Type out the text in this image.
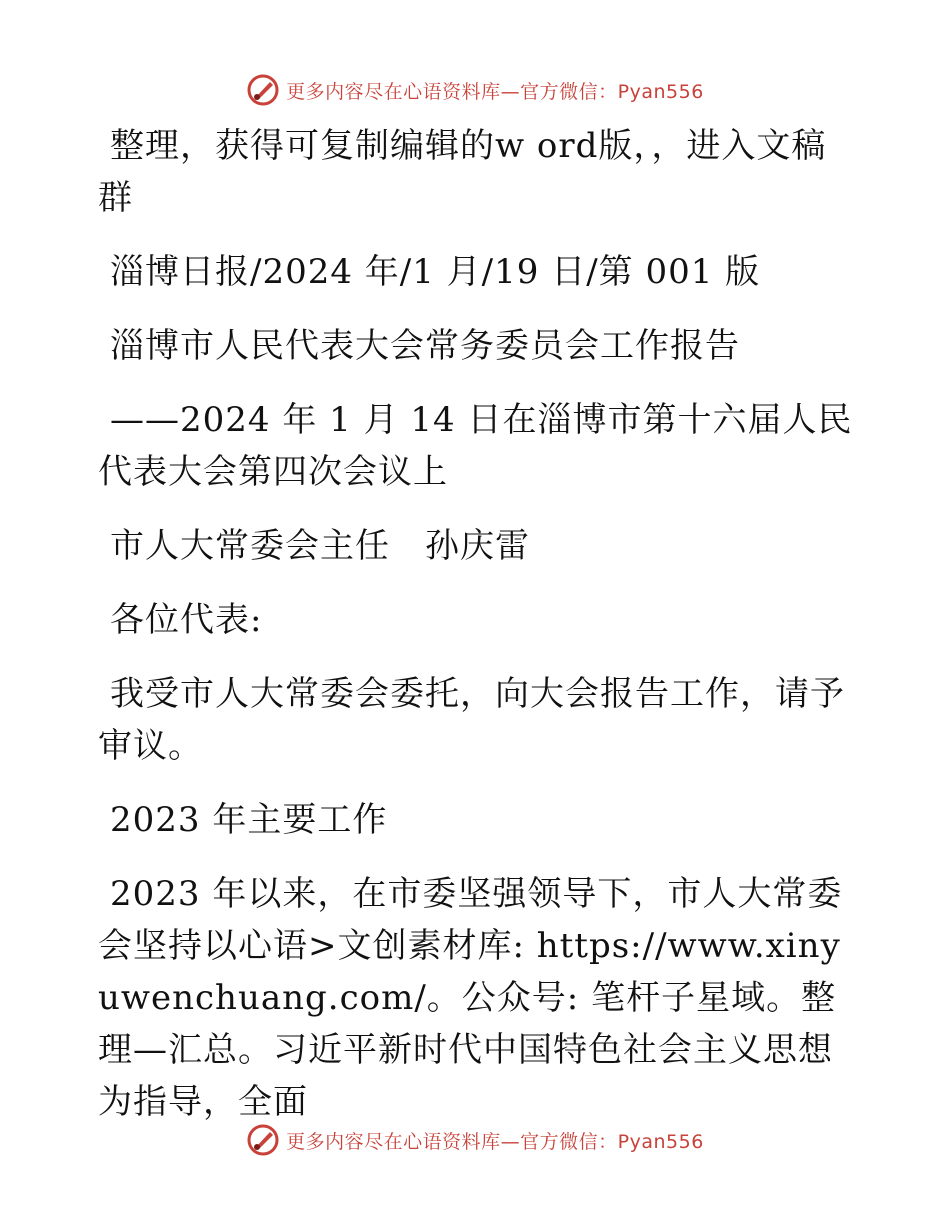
更多内容尽在心语资料库—官方微信：Pyan556

整理，获得可复制编辑的w ord版，，进入文稿群

淄博日报/2024 年/1 月/19 日/第 001 版

淄博市人民代表大会常务委员会工作报告

——2024 年 1 月 14 日在淄博市第十六届人民代表大会第四次会议上

市人大常委会主任　孙庆雷

各位代表:

我受市人大常委会委托，向大会报告工作，请予审议。

2023 年主要工作

2023 年以来，在市委坚强领导下，市人大常委会坚持以心语>文创素材库: https://www.xinyuwenchuang.com/。公众号: 笔杆子星域。整理—汇总。习近平新时代中国特色社会主义思想为指导，全面

更多内容尽在心语资料库—官方微信：Pyan556
